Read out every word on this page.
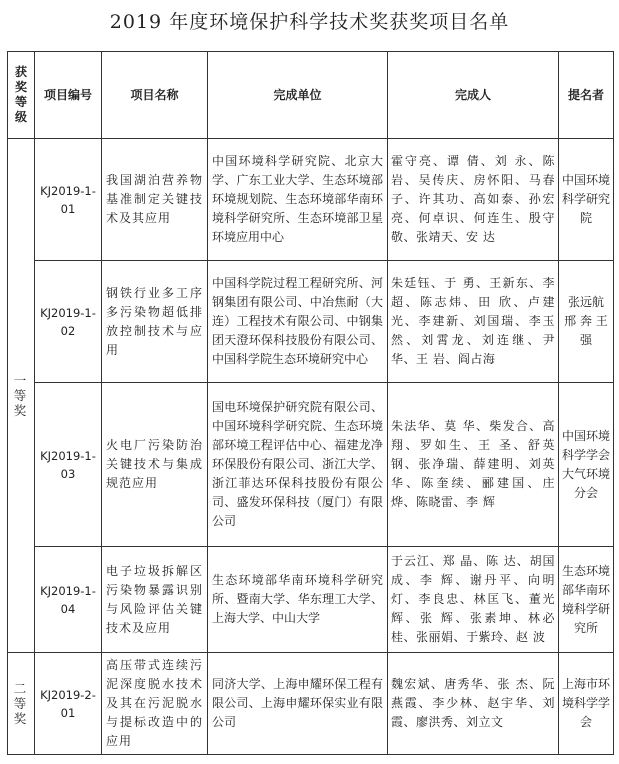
2019 年度环境保护科学技术奖获奖项目名单
获奖等级	项目编号	项目名称	完成单位	完成人	提名者
一等奖	KJ2019-1-01	我国湖泊营养物基准制定关键技术及其应用	中国环境科学研究院、北京大学、广东工业大学、生态环境部环境规划院、生态环境部华南环境科学研究所、生态环境部卫星环境应用中心	霍守亮、谭 倩、刘 永、陈 岩、吴传庆、房怀阳、马春子、许其功、高如泰、孙宏亮、何卓识、何连生、殷守敬、张靖天、安 达	中国环境科学研究院
	KJ2019-1-02	钢铁行业多工序多污染物超低排放控制技术与应用	中国科学院过程工程研究所、河钢集团有限公司、中冶焦耐（大连）工程技术有限公司、中钢集团天澄环保科技股份有限公司、中国科学院生态环境研究中心	朱廷钰、于 勇、王新东、李 超、陈志炜、田 欣、卢建光、李建新、刘国瑞、李玉然、刘霄龙、刘连继、尹 华、王 岩、阎占海	张远航 邢 奔 王 强
	KJ2019-1-03	火电厂污染防治关键技术与集成规范应用	国电环境保护研究院有限公司、中国环境科学研究院、生态环境部环境工程评估中心、福建龙净环保股份有限公司、浙江大学、浙江菲达环保科技股份有限公司、盛发环保科技（厦门）有限公司	朱法华、莫 华、柴发合、高 翔、罗如生、王 圣、舒英钢、张净瑞、薛建明、刘英华、陈奎续、郦建国、庄 烨、陈晓雷、李 辉	中国环境科学学会大气环境分会
	KJ2019-1-04	电子垃圾拆解区污染物暴露识别与风险评估关键技术及应用	生态环境部华南环境科学研究所、暨南大学、华东理工大学、上海大学、中山大学	于云江、郑 晶、陈 达、胡国成、李 辉、谢丹平、向明灯、李良忠、林匡飞、董光辉、张 辉、张素坤、林必桂、张丽娟、于紫玲、赵 波	生态环境部华南环境科学研究所
二等奖	KJ2019-2-01	高压带式连续污泥深度脱水技术及其在污泥脱水与提标改造中的应用	同济大学、上海申耀环保工程有限公司、上海申耀环保实业有限公司	魏宏斌、唐秀华、张 杰、阮燕霞、李少林、赵宇华、刘 霞、廖洪秀、刘立文	上海市环境科学学会
